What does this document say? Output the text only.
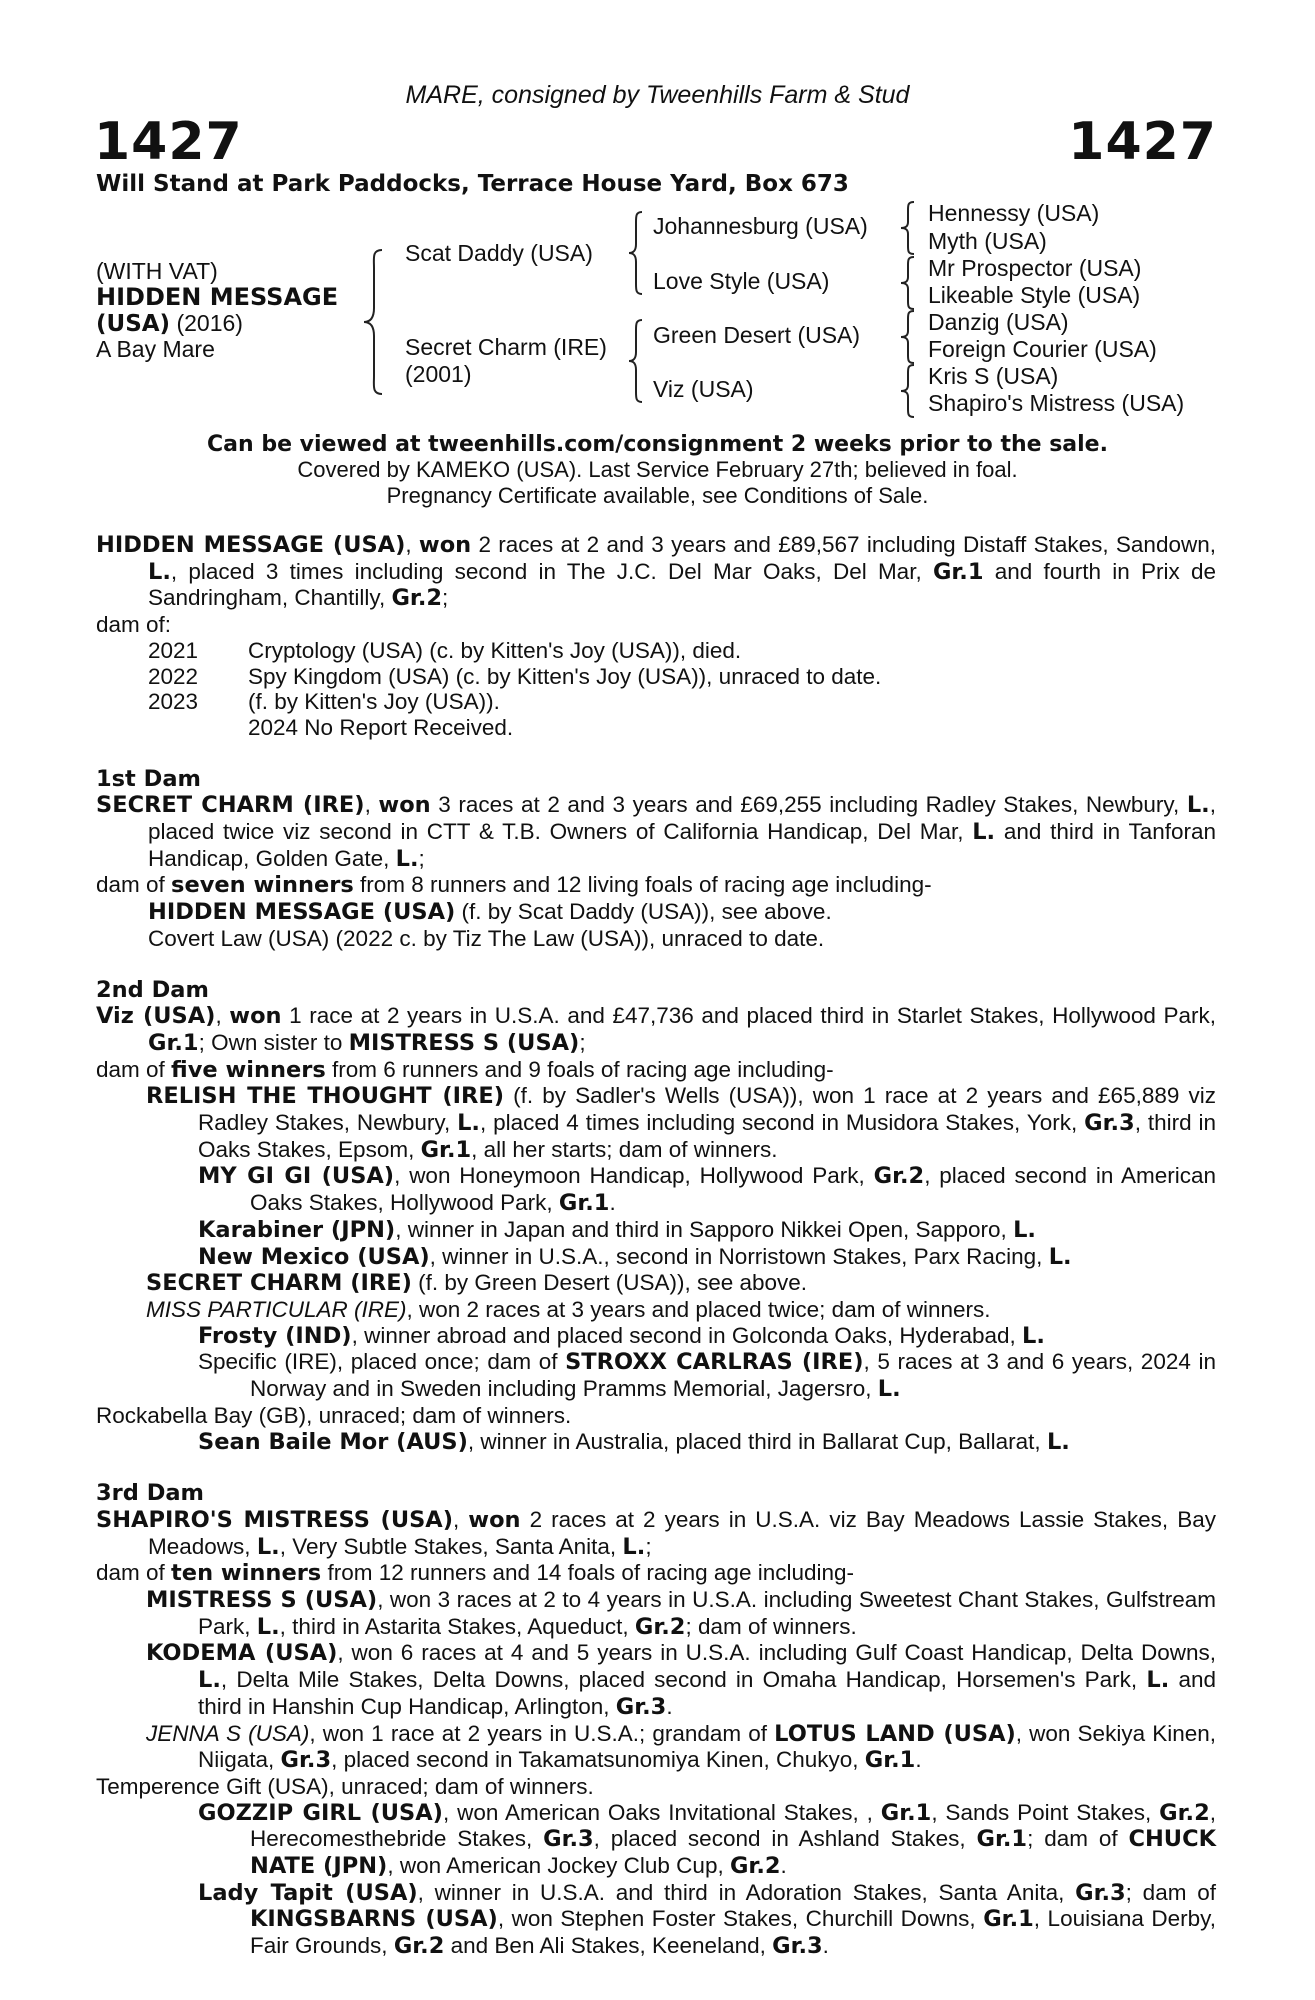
MARE, consigned by Tweenhills Farm & Stud
1427	1427
Will Stand at Park Paddocks, Terrace House Yard, Box 673
(WITH VAT)
HIDDEN MESSAGE
(USA) (2016)
A Bay Mare
Scat Daddy (USA)
Secret Charm (IRE)
(2001)
Johannesburg (USA)
Love Style (USA)
Green Desert (USA)
Viz (USA)
Hennessy (USA)
Myth (USA)
Mr Prospector (USA)
Likeable Style (USA)
Danzig (USA)
Foreign Courier (USA)
Kris S (USA)
Shapiro's Mistress (USA)
Can be viewed at tweenhills.com/consignment 2 weeks prior to the sale.
Covered by KAMEKO (USA). Last Service February 27th; believed in foal.
Pregnancy Certificate available, see Conditions of Sale.

HIDDEN MESSAGE (USA), won 2 races at 2 and 3 years and £89,567 including Distaff Stakes, Sandown, L., placed 3 times including second in The J.C. Del Mar Oaks, Del Mar, Gr.1 and fourth in Prix de Sandringham, Chantilly, Gr.2;

dam of:

2021 Cryptology (USA) (c. by Kitten's Joy (USA)), died.

2022 Spy Kingdom (USA) (c. by Kitten's Joy (USA)), unraced to date.

2023 (f. by Kitten's Joy (USA)).

2024 No Report Received.

1st Dam

SECRET CHARM (IRE), won 3 races at 2 and 3 years and £69,255 including Radley Stakes, Newbury, L., placed twice viz second in CTT & T.B. Owners of California Handicap, Del Mar, L. and third in Tanforan Handicap, Golden Gate, L.;

dam of seven winners from 8 runners and 12 living foals of racing age including-

HIDDEN MESSAGE (USA) (f. by Scat Daddy (USA)), see above.

Covert Law (USA) (2022 c. by Tiz The Law (USA)), unraced to date.

2nd Dam

Viz (USA), won 1 race at 2 years in U.S.A. and £47,736 and placed third in Starlet Stakes, Hollywood Park, Gr.1; Own sister to MISTRESS S (USA);

dam of five winners from 6 runners and 9 foals of racing age including-

RELISH THE THOUGHT (IRE) (f. by Sadler's Wells (USA)), won 1 race at 2 years and £65,889 viz Radley Stakes, Newbury, L., placed 4 times including second in Musidora Stakes, York, Gr.3, third in Oaks Stakes, Epsom, Gr.1, all her starts; dam of winners.

MY GI GI (USA), won Honeymoon Handicap, Hollywood Park, Gr.2, placed second in American Oaks Stakes, Hollywood Park, Gr.1.

Karabiner (JPN), winner in Japan and third in Sapporo Nikkei Open, Sapporo, L.

New Mexico (USA), winner in U.S.A., second in Norristown Stakes, Parx Racing, L.

SECRET CHARM (IRE) (f. by Green Desert (USA)), see above.

MISS PARTICULAR (IRE), won 2 races at 3 years and placed twice; dam of winners.

Frosty (IND), winner abroad and placed second in Golconda Oaks, Hyderabad, L.

Specific (IRE), placed once; dam of STROXX CARLRAS (IRE), 5 races at 3 and 6 years, 2024 in Norway and in Sweden including Pramms Memorial, Jagersro, L.

Rockabella Bay (GB), unraced; dam of winners.

Sean Baile Mor (AUS), winner in Australia, placed third in Ballarat Cup, Ballarat, L.

3rd Dam

SHAPIRO'S MISTRESS (USA), won 2 races at 2 years in U.S.A. viz Bay Meadows Lassie Stakes, Bay Meadows, L., Very Subtle Stakes, Santa Anita, L.;

dam of ten winners from 12 runners and 14 foals of racing age including-

MISTRESS S (USA), won 3 races at 2 to 4 years in U.S.A. including Sweetest Chant Stakes, Gulfstream Park, L., third in Astarita Stakes, Aqueduct, Gr.2; dam of winners.

KODEMA (USA), won 6 races at 4 and 5 years in U.S.A. including Gulf Coast Handicap, Delta Downs, L., Delta Mile Stakes, Delta Downs, placed second in Omaha Handicap, Horsemen's Park, L. and third in Hanshin Cup Handicap, Arlington, Gr.3.

JENNA S (USA), won 1 race at 2 years in U.S.A.; grandam of LOTUS LAND (USA), won Sekiya Kinen, Niigata, Gr.3, placed second in Takamatsunomiya Kinen, Chukyo, Gr.1.

Temperence Gift (USA), unraced; dam of winners.

GOZZIP GIRL (USA), won American Oaks Invitational Stakes, , Gr.1, Sands Point Stakes, Gr.2, Herecomesthebride Stakes, Gr.3, placed second in Ashland Stakes, Gr.1; dam of CHUCK NATE (JPN), won American Jockey Club Cup, Gr.2.

Lady Tapit (USA), winner in U.S.A. and third in Adoration Stakes, Santa Anita, Gr.3; dam of KINGSBARNS (USA), won Stephen Foster Stakes, Churchill Downs, Gr.1, Louisiana Derby, Fair Grounds, Gr.2 and Ben Ali Stakes, Keeneland, Gr.3.
